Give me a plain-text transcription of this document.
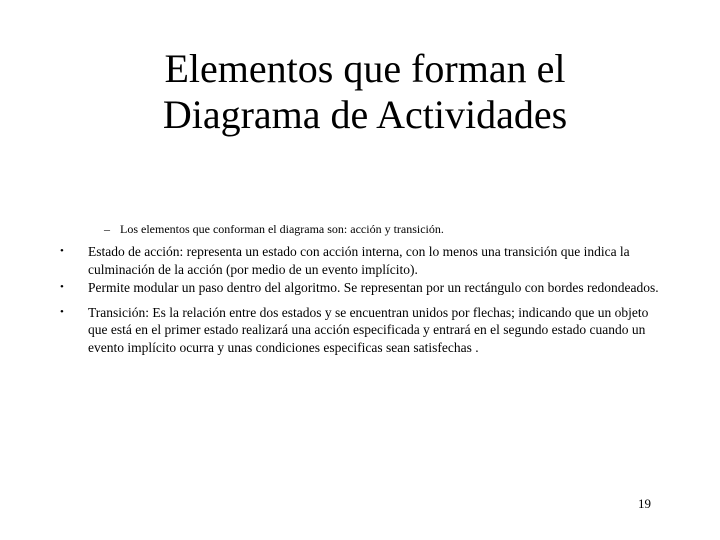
Elementos que forman el
Diagrama de Actividades
– Los elementos que conforman el diagrama son: acción y transición.
• Estado de acción: representa un estado con acción interna, con lo menos una transición que indica la culminación de la acción (por medio de un evento implícito).
• Permite modular un paso dentro del algoritmo. Se representan por un rectángulo con bordes redondeados.
• Transición: Es la relación entre dos estados y se encuentran unidos por flechas; indicando que un objeto que está en el primer estado realizará una acción especificada y entrará en el segundo estado cuando un evento implícito ocurra y unas condiciones especificas sean satisfechas .
19
